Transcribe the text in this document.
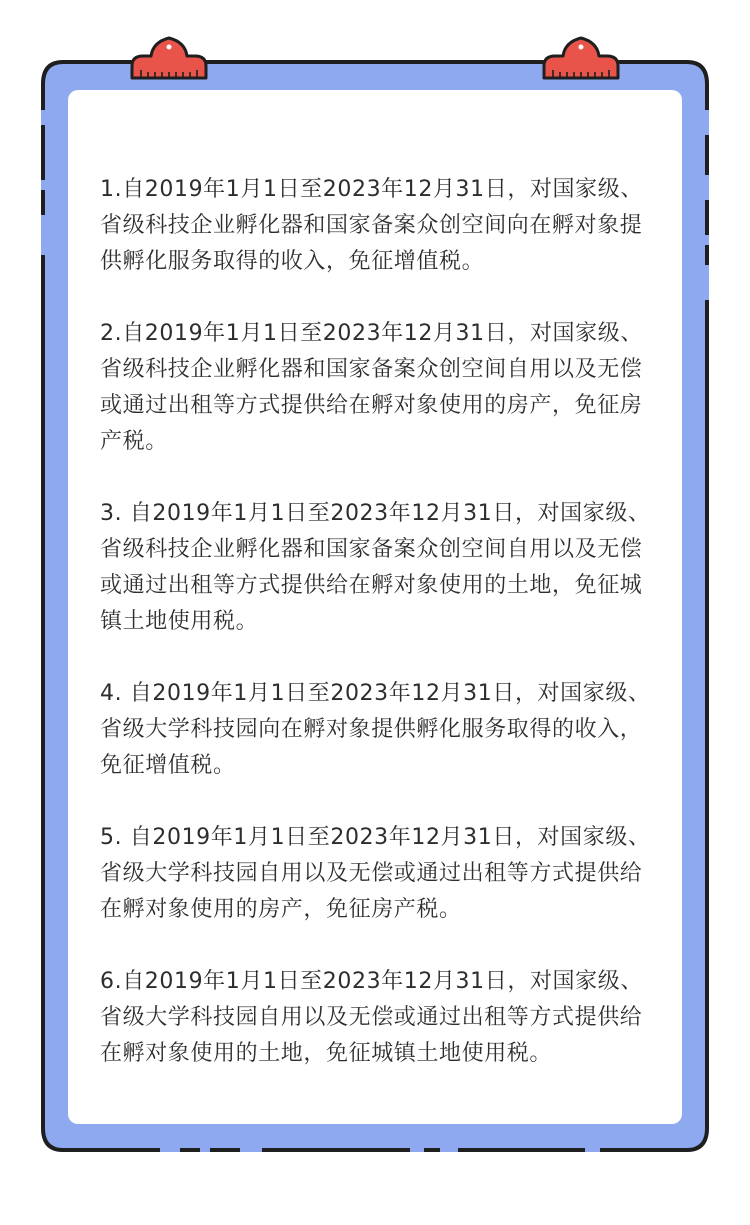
1.自2019年1月1日至2023年12月31日，对国家级、省级科技企业孵化器和国家备案众创空间向在孵对象提供孵化服务取得的收入，免征增值税。
2.自2019年1月1日至2023年12月31日，对国家级、省级科技企业孵化器和国家备案众创空间自用以及无偿或通过出租等方式提供给在孵对象使用的房产，免征房产税。
3. 自2019年1月1日至2023年12月31日，对国家级、省级科技企业孵化器和国家备案众创空间自用以及无偿或通过出租等方式提供给在孵对象使用的土地，免征城镇土地使用税。
4. 自2019年1月1日至2023年12月31日，对国家级、省级大学科技园向在孵对象提供孵化服务取得的收入，免征增值税。
5. 自2019年1月1日至2023年12月31日，对国家级、省级大学科技园自用以及无偿或通过出租等方式提供给在孵对象使用的房产，免征房产税。
6.自2019年1月1日至2023年12月31日，对国家级、省级大学科技园自用以及无偿或通过出租等方式提供给在孵对象使用的土地，免征城镇土地使用税。
